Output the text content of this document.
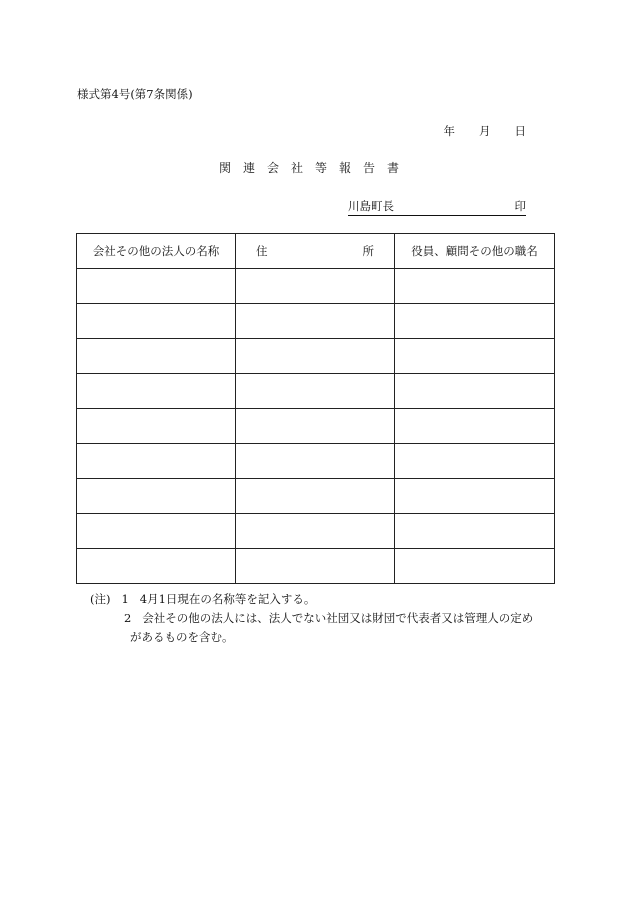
様式第4号(第7条関係)
年 月 日
関連会社等報告書
川島町長	印
会社その他の法人の名称	住 所	役員、顧問その他の職名

(注) 1 4月1日現在の名称等を記入する。
2 会社その他の法人には、法人でない社団又は財団で代表者又は管理人の定め
があるものを含む。
